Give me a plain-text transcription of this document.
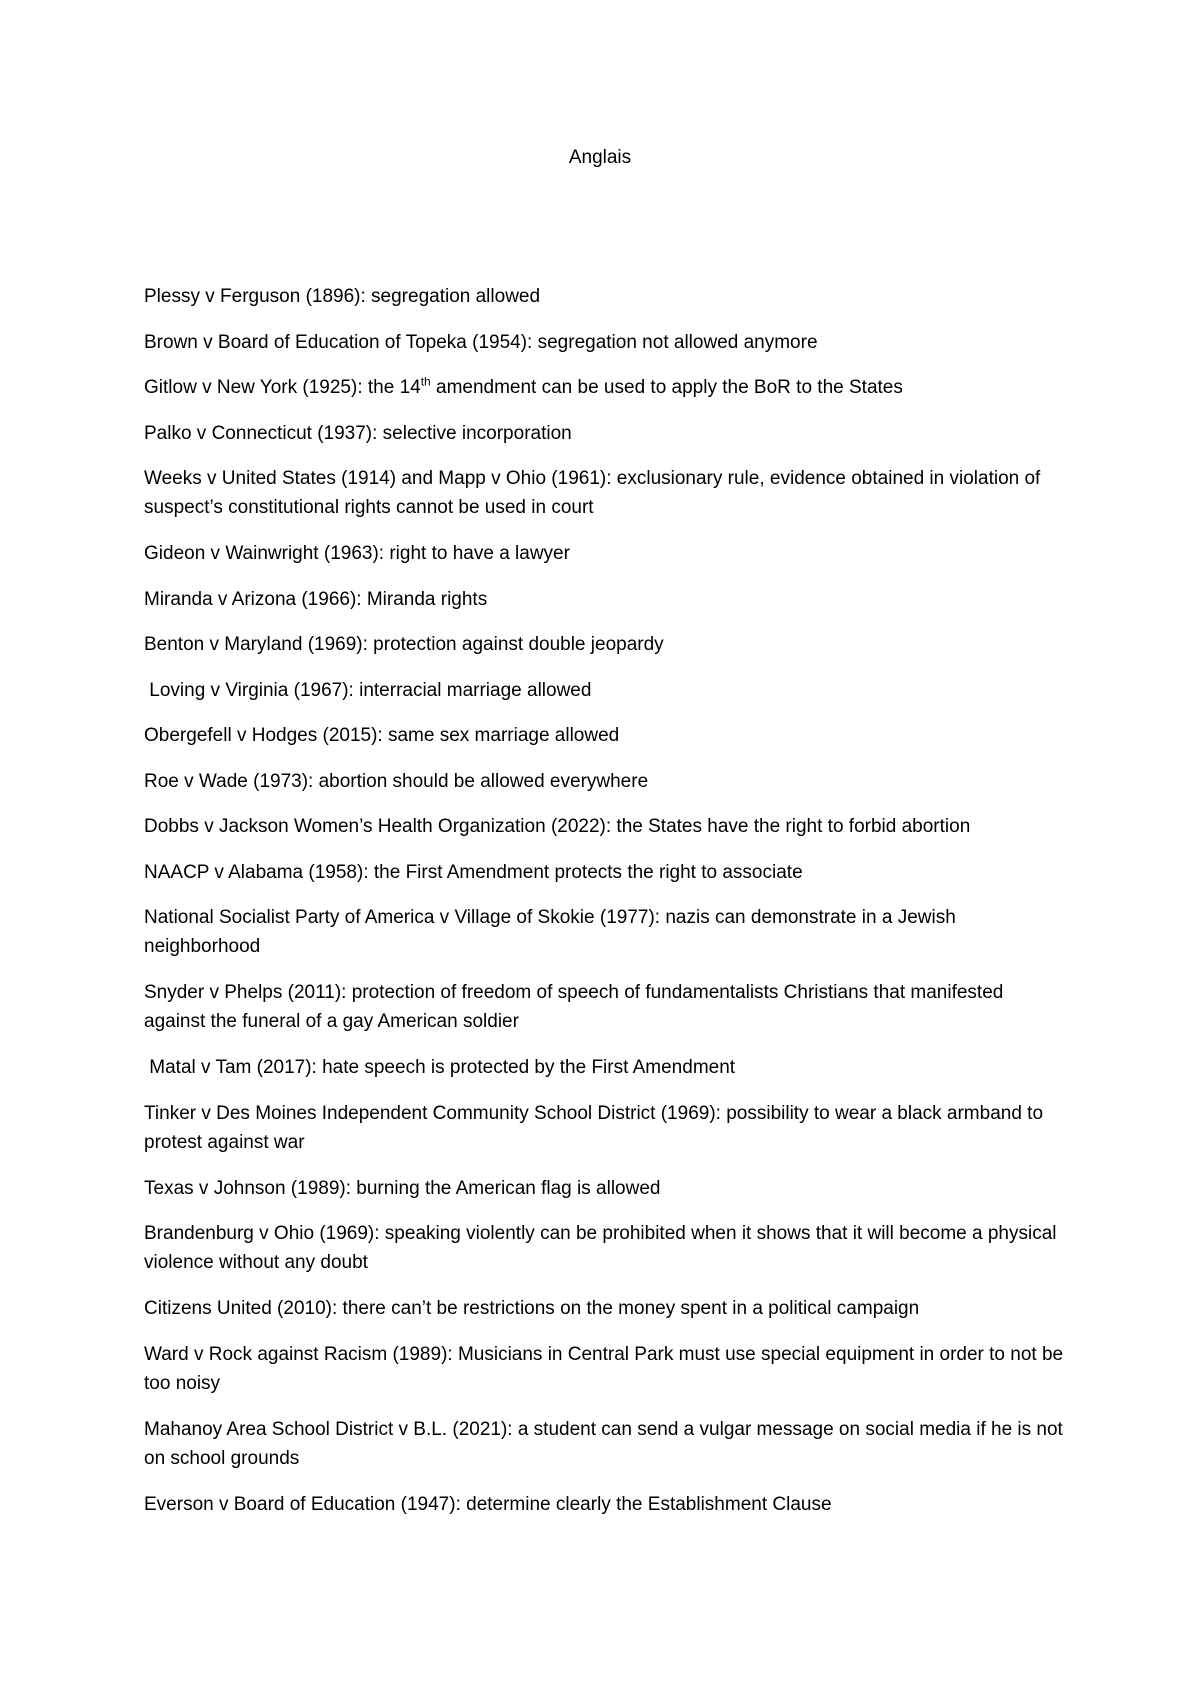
Anglais
Plessy v Ferguson (1896): segregation allowed
Brown v Board of Education of Topeka (1954): segregation not allowed anymore
Gitlow v New York (1925): the 14th amendment can be used to apply the BoR to the States
Palko v Connecticut (1937): selective incorporation
Weeks v United States (1914) and Mapp v Ohio (1961): exclusionary rule, evidence obtained in violation of suspect’s constitutional rights cannot be used in court
Gideon v Wainwright (1963): right to have a lawyer
Miranda v Arizona (1966): Miranda rights
Benton v Maryland (1969): protection against double jeopardy
Loving v Virginia (1967): interracial marriage allowed
Obergefell v Hodges (2015): same sex marriage allowed
Roe v Wade (1973): abortion should be allowed everywhere
Dobbs v Jackson Women’s Health Organization (2022): the States have the right to forbid abortion
NAACP v Alabama (1958): the First Amendment protects the right to associate
National Socialist Party of America v Village of Skokie (1977): nazis can demonstrate in a Jewish neighborhood
Snyder v Phelps (2011): protection of freedom of speech of fundamentalists Christians that manifested against the funeral of a gay American soldier
Matal v Tam (2017): hate speech is protected by the First Amendment
Tinker v Des Moines Independent Community School District (1969): possibility to wear a black armband to protest against war
Texas v Johnson (1989): burning the American flag is allowed
Brandenburg v Ohio (1969): speaking violently can be prohibited when it shows that it will become a physical violence without any doubt
Citizens United (2010): there can’t be restrictions on the money spent in a political campaign
Ward v Rock against Racism (1989): Musicians in Central Park must use special equipment in order to not be too noisy
Mahanoy Area School District v B.L. (2021): a student can send a vulgar message on social media if he is not on school grounds
Everson v Board of Education (1947): determine clearly the Establishment Clause
